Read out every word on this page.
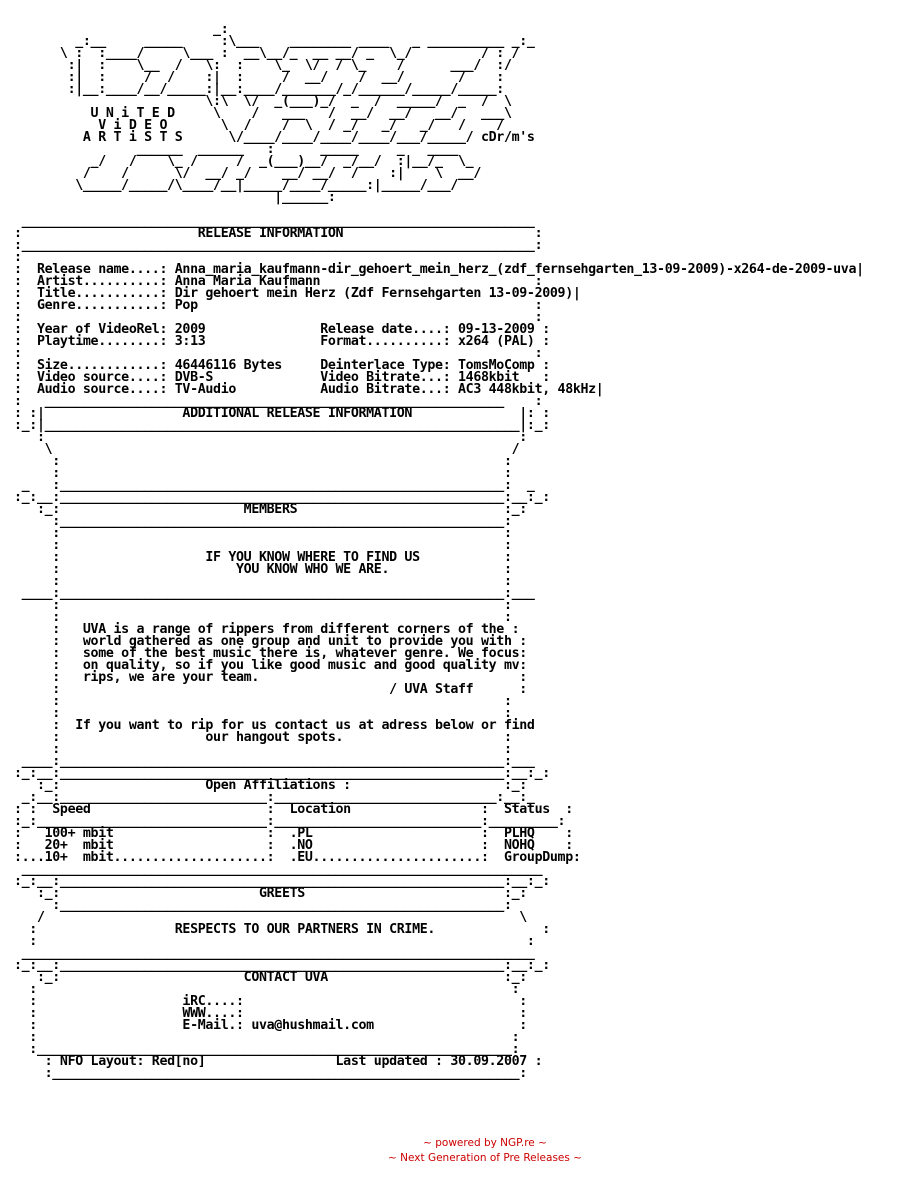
_:
_:__     _____     :\___    ________ ____   _ __________ _:_
\ :  :____/     \___ :  __\__/_  __ __/ _  \_/         / : /
:|  :    \__  /   \:  :    \_  \/  / \_    /      ___/  :/
:|  :     /  /    :|  :     /  __/    /  __/       /    :
:|__:____/__/_____:|__:____/_______/_/______/_____/_____:
\:\  \/  _(___)_/  _  /  _____/  _  /  \
U N i T E D     \    /   ___   /  __/  __/   __/   ___\
V i D E O       \  /    /  \  / _/   _/   _/   /    /
A R T i S T S      \/____/____/____/____/___/_____/ cDr/m's
______  ______   :      _____     _   ____
_/   /    \_ /     /  _(___)__/  _/__/  :|__/_  \_
/    /      \/  __/ _/    __/ __/  /    :|    \  __/
\_____/_____/\____/__|_____/____/_____:|_____/___/
|______:

___________________________________________________________________
:                       RELEASE INFORMATION                         :
:___________________________________________________________________:
:
:  Release name....: Anna_maria_kaufmann-dir_gehoert_mein_herz_(zdf_fernsehgarten_13-09-2009)-x264-de-2009-uva|
:  Artist..........: Anna Maria Kaufmann                            :
:  Title...........: Dir gehoert mein Herz (Zdf Fernsehgarten 13-09-2009)|
:  Genre...........: Pop                                            :
:                                                                   :
:  Year of VideoRel: 2009               Release date....: 09-13-2009 :
:  Playtime........: 3:13               Format..........: x264 (PAL) :
:                                                                   :
:  Size............: 46446116 Bytes     Deinterlace Type: TomsMoComp :
:  Video source....: DVB-S              Video Bitrate...: 1468kbit   :
:  Audio source....: TV-Audio           Audio Bitrate...: AC3 448kbit, 48kHz|
:   ____________________________________________________________    :
: :|                  ADDITIONAL RELEASE INFORMATION              |: :
:_:|______________________________________________________________|:_:
:                                                              :
\                                                            /
:                                                          :
:                                                          :
_   :__________________________________________________________:  _
:_:__:__________________________________________________________:__:_:
:_:                        MEMBERS                           :_:
:__________________________________________________________:
:                                                          :
:                                                          :
:                   IF YOU KNOW WHERE TO FIND US           :
:                       YOU KNOW WHO WE ARE.               :
:                                                          :
____:__________________________________________________________:___
:                                                          :
:                                                          :
:   UVA is a range of rippers from different corners of the :
:   world gathered as one group and unit to provide you with :
:   some of the best music there is, whatever genre. We focus:
:   on quality, so if you like good music and good quality mv:
:   rips, we are your team.                                  :
:                                           / UVA Staff      :
:                                                          :
:                                                          :
:  If you want to rip for us contact us at adress below or find
:                   our hangout spots.                     :
:                                                          :
____:__________________________________________________________:___
:_:__:__________________________________________________________:__:_:
:_:                   Open Affiliations :                    :_:
_:__:___________________________:_____________________________:__:_
: :  Speed                       :  Location                 :  Status  :
:_:______________________________:___________________________:_________:
:   100+ mbit                    :  .PL                      :  PLHQ    :
:   20+  mbit                    :  .NO                      :  NOHQ    :
:...10+  mbit....................:  .EU......................:  GroupDump:
____________________________________________________________________
:_:__:__________________________________________________________:__:_:
:_:                          GREETS                          :_:
:__________________________________________________________:
/                                                              \
:                  RESPECTS TO OUR PARTNERS IN CRIME.              :
:                                                                :
___________________________________________________________________
:_:__:__________________________________________________________:__:_:
:_:                        CONTACT UVA                       :_:
:                                                              :
:                   iRC....:                                    :
:                   WWW....:                                    :
:                   E-Mail.: uva@hushmail.com                   :
:                                                              :
:______________________________________________________________:
: NFO Layout: Red[no]                 Last updated : 30.09.2007 :
:_____________________________________________________________:

~ powered by NGP.re ~
~ Next Generation of Pre Releases ~
